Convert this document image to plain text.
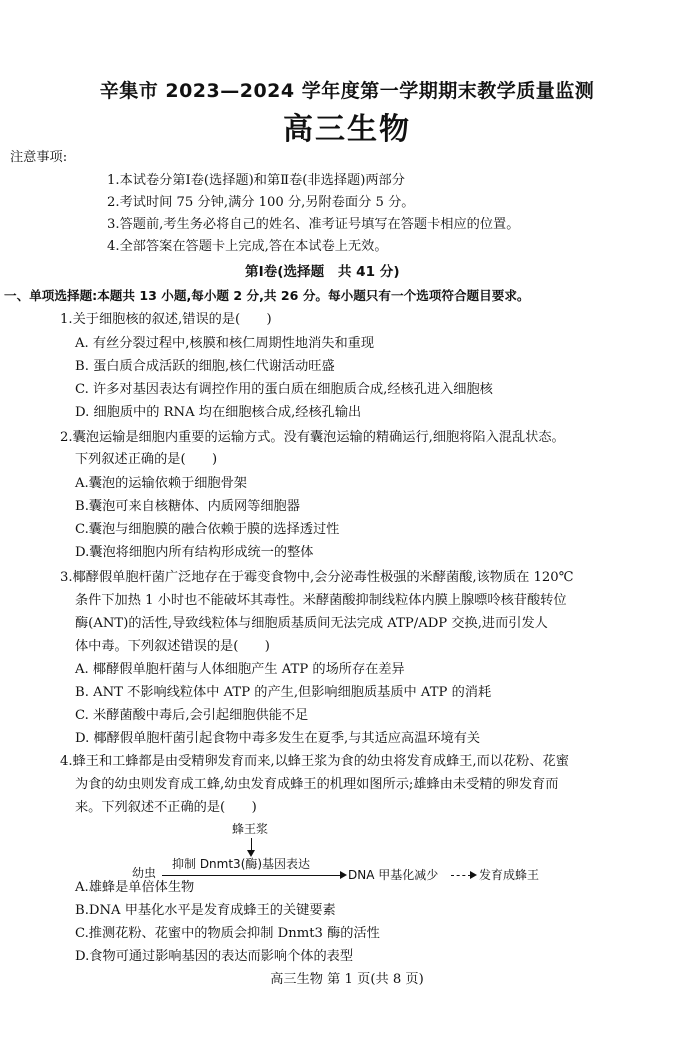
辛集市 2023—2024 学年度第一学期期末教学质量监测
高三生物
注意事项:
1.本试卷分第Ⅰ卷(选择题)和第Ⅱ卷(非选择题)两部分
2.考试时间 75 分钟,满分 100 分,另附卷面分 5 分。
3.答题前,考生务必将自己的姓名、准考证号填写在答题卡相应的位置。
4.全部答案在答题卡上完成,答在本试卷上无效。
第Ⅰ卷(选择题　共 41 分)
一、单项选择题:本题共 13 小题,每小题 2 分,共 26 分。每小题只有一个选项符合题目要求。
1.关于细胞核的叙述,错误的是(　　)
A. 有丝分裂过程中,核膜和核仁周期性地消失和重现
B. 蛋白质合成活跃的细胞,核仁代谢活动旺盛
C. 许多对基因表达有调控作用的蛋白质在细胞质合成,经核孔进入细胞核
D. 细胞质中的 RNA 均在细胞核合成,经核孔输出
2.囊泡运输是细胞内重要的运输方式。没有囊泡运输的精确运行,细胞将陷入混乱状态。
下列叙述正确的是(　　)
A.囊泡的运输依赖于细胞骨架
B.囊泡可来自核糖体、内质网等细胞器
C.囊泡与细胞膜的融合依赖于膜的选择透过性
D.囊泡将细胞内所有结构形成统一的整体
3.椰酵假单胞杆菌广泛地存在于霉变食物中,会分泌毒性极强的米酵菌酸,该物质在 120℃
条件下加热 1 小时也不能破坏其毒性。米酵菌酸抑制线粒体内膜上腺嘌呤核苷酸转位
酶(ANT)的活性,导致线粒体与细胞质基质间无法完成 ATP/ADP 交换,进而引发人
体中毒。下列叙述错误的是(　　)
A. 椰酵假单胞杆菌与人体细胞产生 ATP 的场所存在差异
B. ANT 不影响线粒体中 ATP 的产生,但影响细胞质基质中 ATP 的消耗
C. 米酵菌酸中毒后,会引起细胞供能不足
D. 椰酵假单胞杆菌引起食物中毒多发生在夏季,与其适应高温环境有关
4.蜂王和工蜂都是由受精卵发育而来,以蜂王浆为食的幼虫将发育成蜂王,而以花粉、花蜜
为食的幼虫则发育成工蜂,幼虫发育成蜂王的机理如图所示;雄蜂由未受精的卵发育而
来。下列叙述不正确的是(　　)
蜂王浆
抑制 Dnmt3(酶)基因表达
幼虫	DNA 甲基化减少	发育成蜂王
A.雄蜂是单倍体生物
B.DNA 甲基化水平是发育成蜂王的关键要素
C.推测花粉、花蜜中的物质会抑制 Dnmt3 酶的活性
D.食物可通过影响基因的表达而影响个体的表型
高三生物 第 1 页(共 8 页)
